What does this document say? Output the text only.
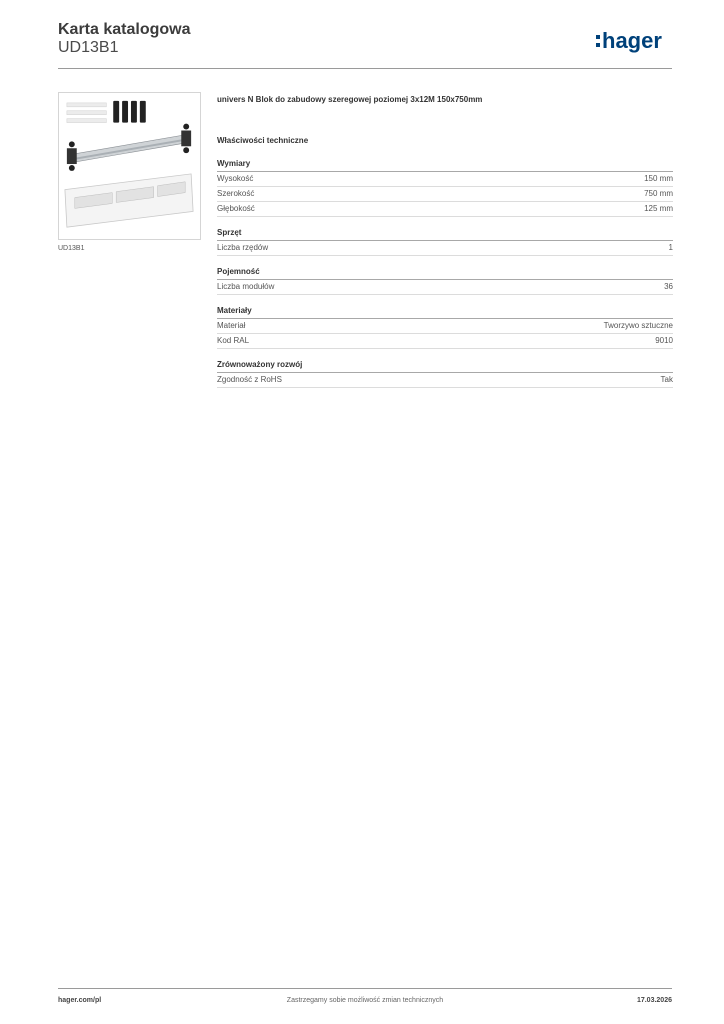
Karta katalogowa
UD13B1	hager
UD13B1
univers N Blok do zabudowy szeregowej poziomej 3x12M 150x750mm
Właściwości techniczne
Wymiary
Wysokość	150 mm
Szerokość	750 mm
Głębokość	125 mm
Sprzęt
Liczba rzędów	1
Pojemność
Liczba modułów	36
Materiały
Materiał	Tworzywo sztuczne
Kod RAL	9010
Zrównoważony rozwój
Zgodność z RoHS	Tak
Zastrzegamy sobie możliwość zmian technicznych
hager.com/pl	17.03.2026
